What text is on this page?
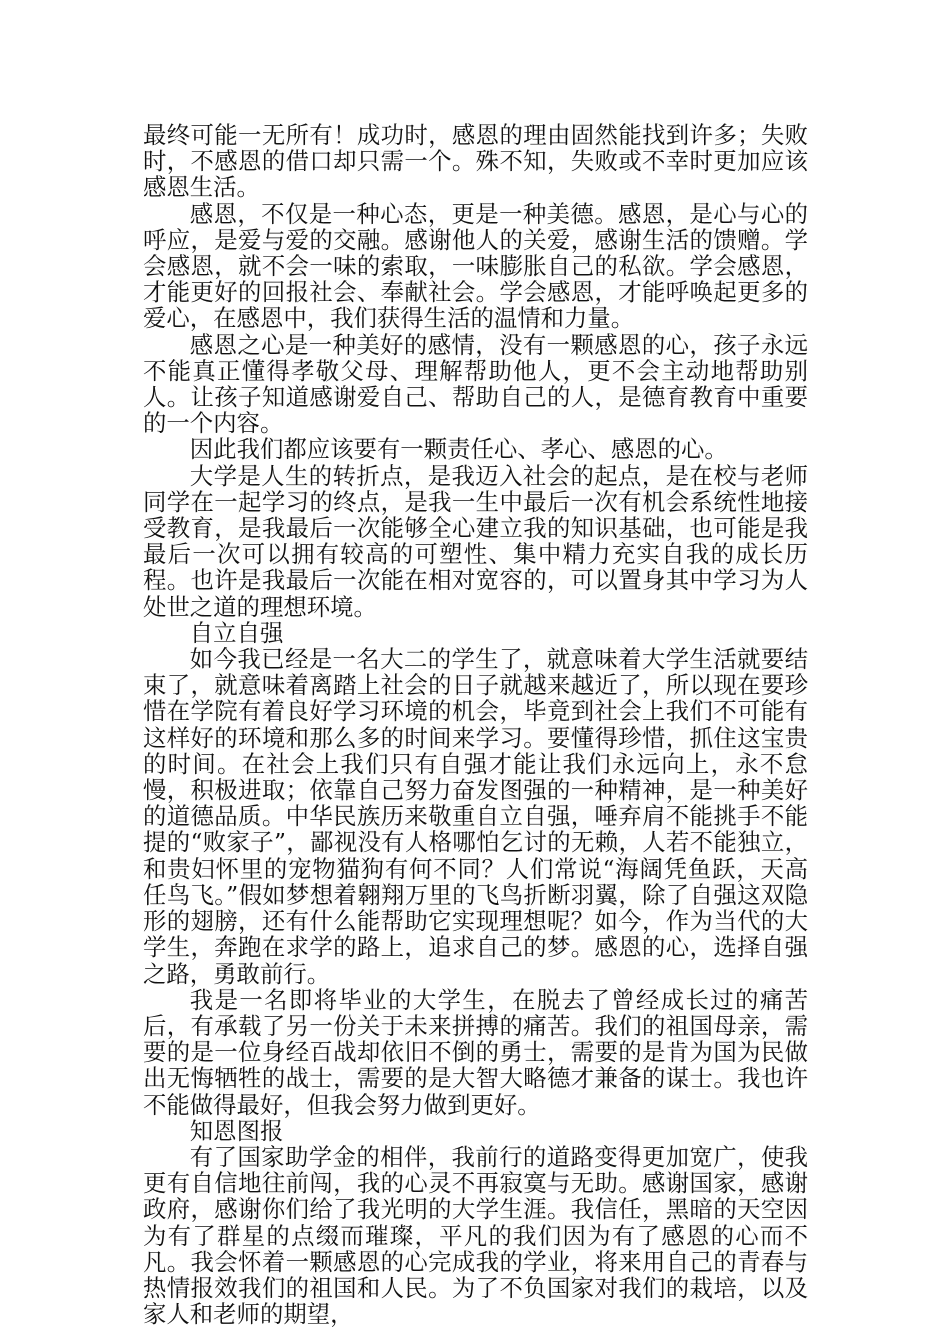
最终可能一无所有！成功时，感恩的理由固然能找到许多；失败时，不感恩的借口却只需一个。殊不知，失败或不幸时更加应该感恩生活。

感恩，不仅是一种心态，更是一种美德。感恩，是心与心的呼应，是爱与爱的交融。感谢他人的关爱，感谢生活的馈赠。学会感恩，就不会一味的索取，一味膨胀自己的私欲。学会感恩，才能更好的回报社会、奉献社会。学会感恩，才能呼唤起更多的爱心，在感恩中，我们获得生活的温情和力量。

感恩之心是一种美好的感情，没有一颗感恩的心，孩子永远不能真正懂得孝敬父母、理解帮助他人，更不会主动地帮助别人。让孩子知道感谢爱自己、帮助自己的人，是德育教育中重要的一个内容。

因此我们都应该要有一颗责任心、孝心、感恩的心。

大学是人生的转折点，是我迈入社会的起点，是在校与老师同学在一起学习的终点，是我一生中最后一次有机会系统性地接受教育，是我最后一次能够全心建立我的知识基础，也可能是我最后一次可以拥有较高的可塑性、集中精力充实自我的成长历程。也许是我最后一次能在相对宽容的，可以置身其中学习为人处世之道的理想环境。

自立自强

如今我已经是一名大二的学生了，就意味着大学生活就要结束了，就意味着离踏上社会的日子就越来越近了，所以现在要珍惜在学院有着良好学习环境的机会，毕竟到社会上我们不可能有这样好的环境和那么多的时间来学习。要懂得珍惜，抓住这宝贵的时间。在社会上我们只有自强才能让我们永远向上，永不怠慢，积极进取；依靠自己努力奋发图强的一种精神，是一种美好的道德品质。中华民族历来敬重自立自强，唾弃肩不能挑手不能提的“败家子”，鄙视没有人格哪怕乞讨的无赖，人若不能独立，和贵妇怀里的宠物猫狗有何不同？人们常说“海阔凭鱼跃，天高任鸟飞。”假如梦想着翱翔万里的飞鸟折断羽翼，除了自强这双隐形的翅膀，还有什么能帮助它实现理想呢？如今，作为当代的大学生，奔跑在求学的路上，追求自己的梦。感恩的心，选择自强之路，勇敢前行。

我是一名即将毕业的大学生，在脱去了曾经成长过的痛苦后，有承载了另一份关于未来拼搏的痛苦。我们的祖国母亲，需要的是一位身经百战却依旧不倒的勇士，需要的是肯为国为民做出无悔牺牲的战士，需要的是大智大略德才兼备的谋士。我也许不能做得最好，但我会努力做到更好。

知恩图报

有了国家助学金的相伴，我前行的道路变得更加宽广，使我更有自信地往前闯，我的心灵不再寂寞与无助。感谢国家，感谢政府，感谢你们给了我光明的大学生涯。我信任，黑暗的天空因为有了群星的点缀而璀璨，平凡的我们因为有了感恩的心而不凡。我会怀着一颗感恩的心完成我的学业，将来用自己的青春与热情报效我们的祖国和人民。为了不负国家对我们的栽培，以及家人和老师的期望，
